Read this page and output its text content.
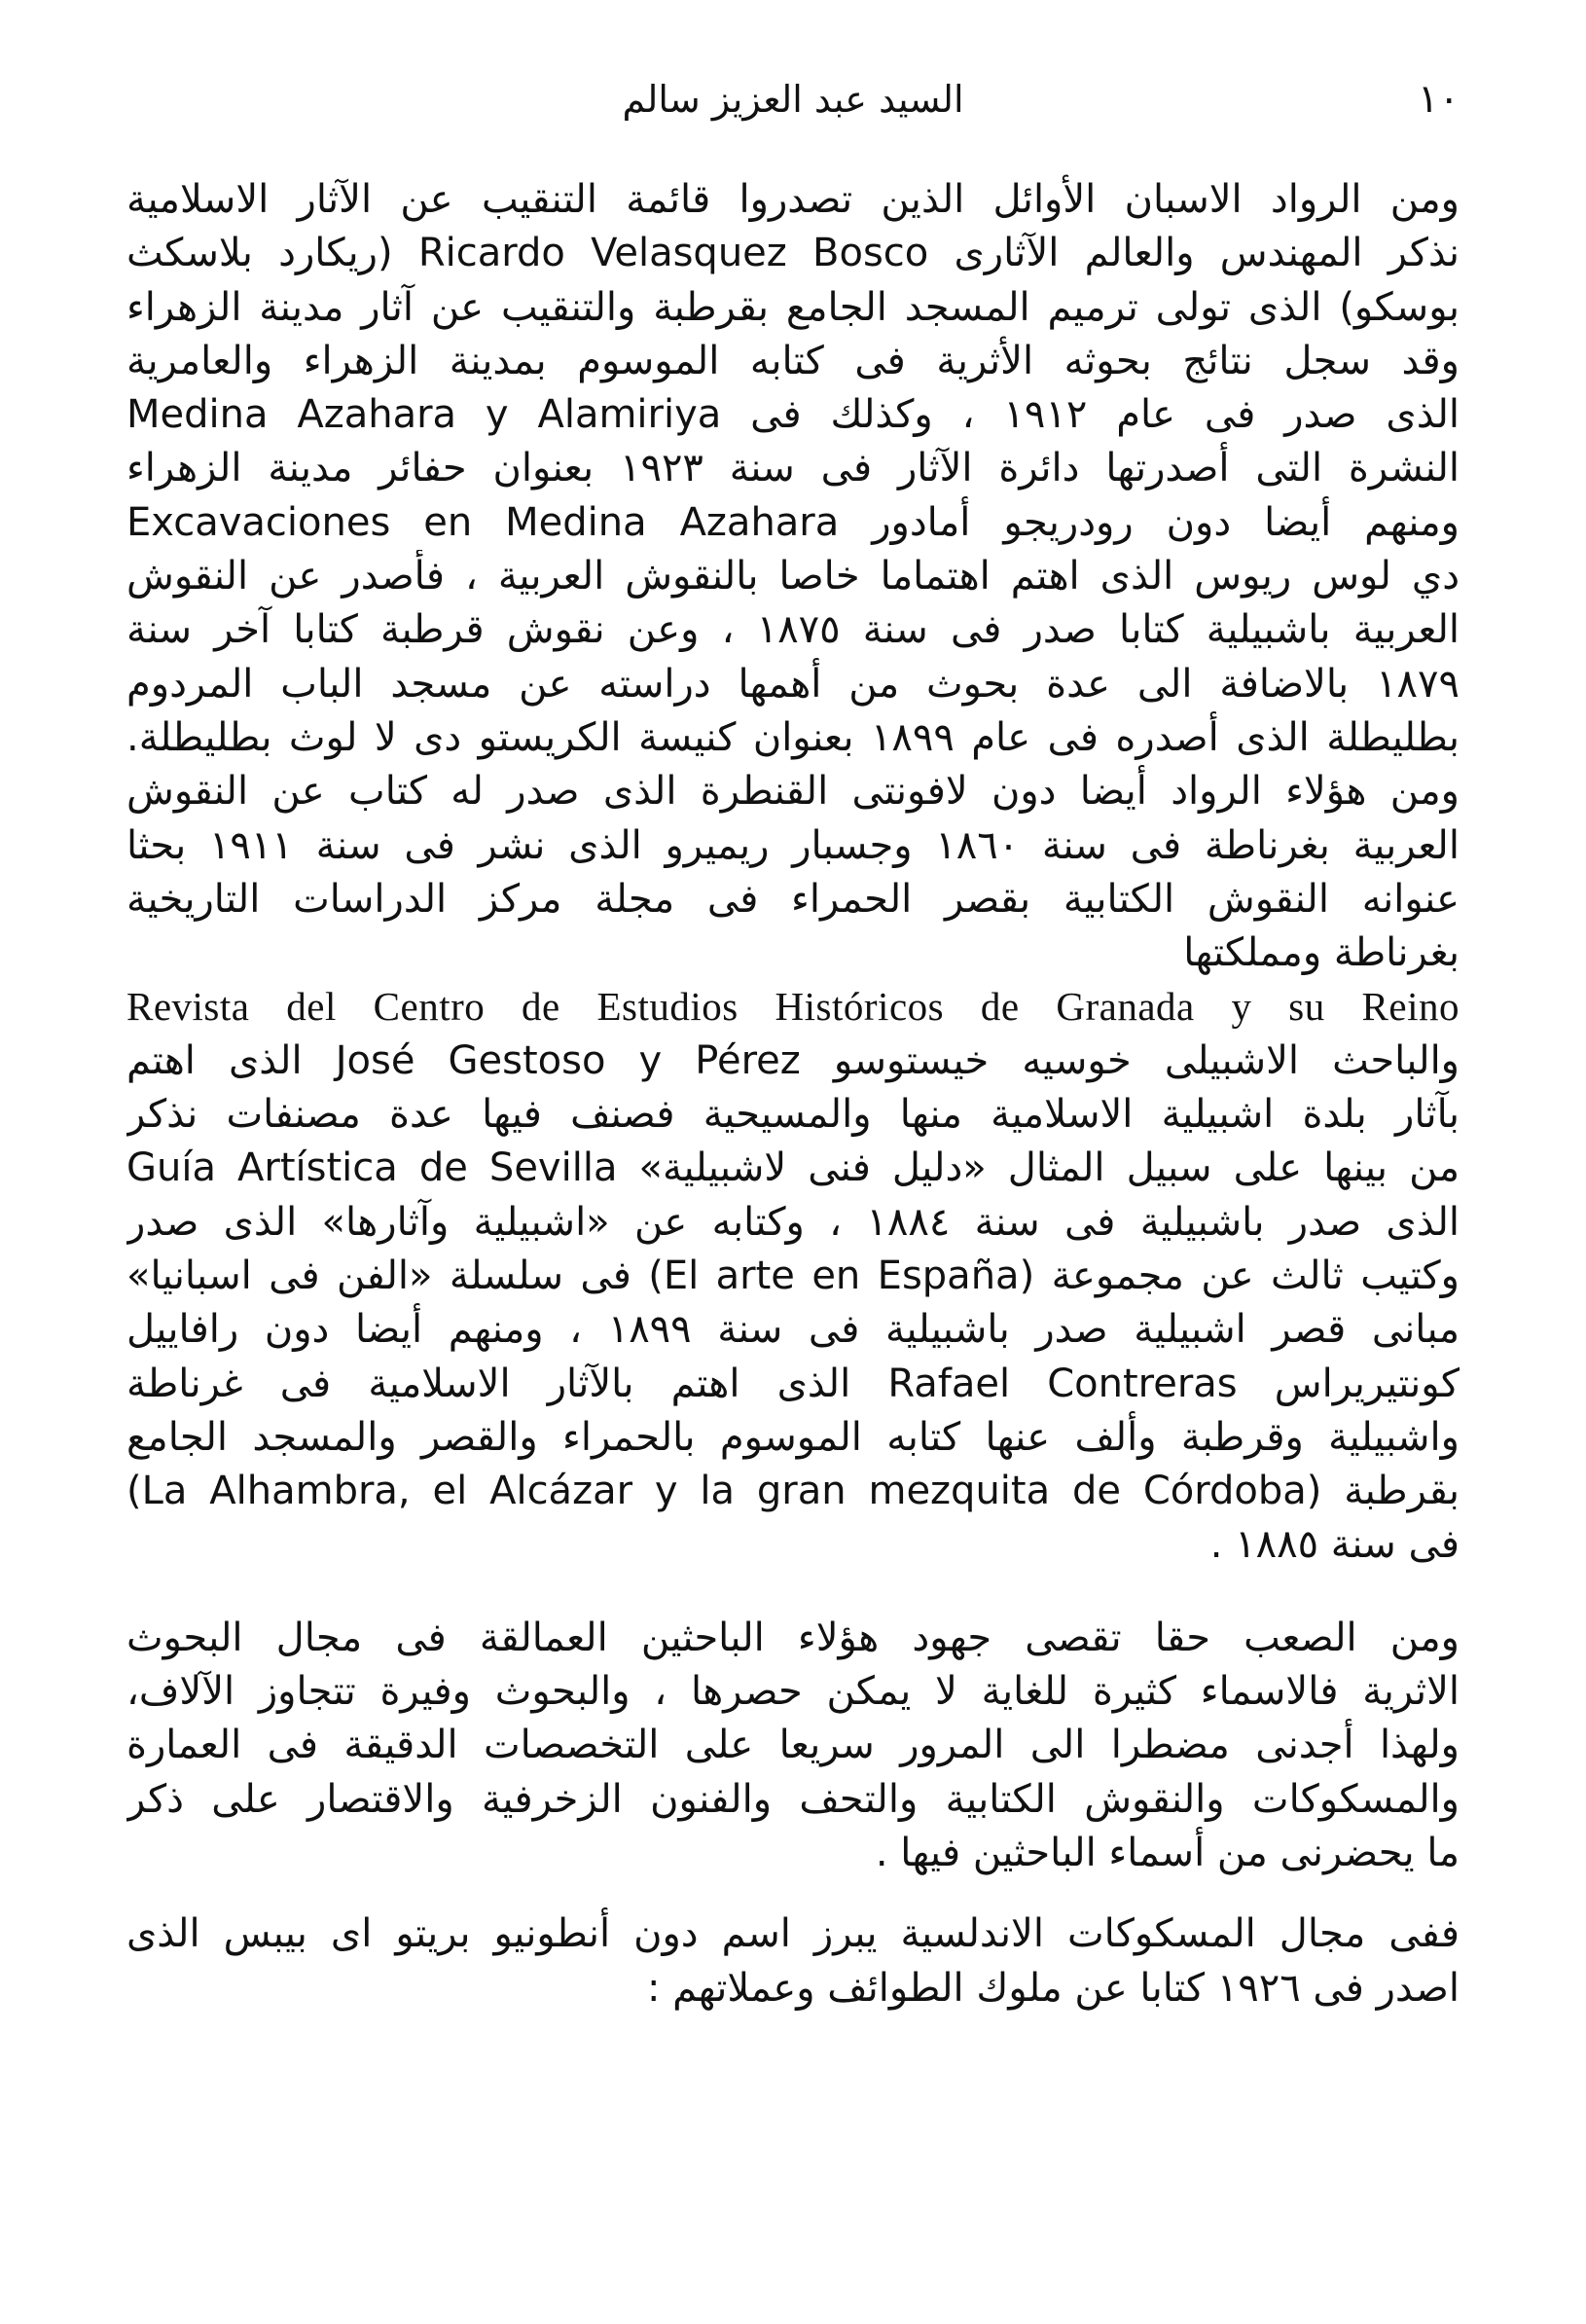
١٠
السيد عبد العزيز سالم
ومن الرواد الاسبان الأوائل الذين تصدروا قائمة التنقيب عن الآثار الاسلامية
نذكر المهندس والعالم الآثارى Ricardo Velasquez Bosco (ريكارد بلاسكث
بوسكو) الذى تولى ترميم المسجد الجامع بقرطبة والتنقيب عن آثار مدينة الزهراء
وقد سجل نتائج بحوثه الأثرية فى كتابه الموسوم بمدينة الزهراء والعامرية
Medina Azahara y Alamiriya الذى صدر فى عام ١٩١٢ ، وكذلك فى
النشرة التى أصدرتها دائرة الآثار فى سنة ١٩٢٣ بعنوان حفائر مدينة الزهراء
Excavaciones en Medina Azahara ومنهم أيضا دون رودريجو أمادور
دي لوس ريوس الذى اهتم اهتماما خاصا بالنقوش العربية ، فأصدر عن النقوش
العربية باشبيلية كتابا صدر فى سنة ١٨٧٥ ، وعن نقوش قرطبة كتابا آخر سنة
١٨٧٩ بالاضافة الى عدة بحوث من أهمها دراسته عن مسجد الباب المردوم
بطليطلة الذى أصدره فى عام ١٨٩٩ بعنوان كنيسة الكريستو دى لا لوث بطليطلة.
ومن هؤلاء الرواد أيضا دون لافونتى القنطرة الذى صدر له كتاب عن النقوش
العربية بغرناطة فى سنة ١٨٦٠ وجسبار ريميرو الذى نشر فى سنة ١٩١١ بحثا
عنوانه النقوش الكتابية بقصر الحمراء فى مجلة مركز الدراسات التاريخية
بغرناطة ومملكتها
Revista del Centro de Estudios Históricos de Granada y su Reino
والباحث الاشبيلى خوسيه خيستوسو José Gestoso y Pérez الذى اهتم
بآثار بلدة اشبيلية الاسلامية منها والمسيحية فصنف فيها عدة مصنفات نذكر
من بينها على سبيل المثال «دليل فنى لاشبيلية» Guía Artística de Sevilla
الذى صدر باشبيلية فى سنة ١٨٨٤ ، وكتابه عن «اشبيلية وآثارها» الذى صدر
وكتيب ثالث عن مجموعة (El arte en España) فى سلسلة «الفن فى اسبانيا»
مبانى قصر اشبيلية صدر باشبيلية فى سنة ١٨٩٩ ، ومنهم أيضا دون رافاييل
كونتيريراس Rafael Contreras الذى اهتم بالآثار الاسلامية فى غرناطة
واشبيلية وقرطبة وألف عنها كتابه الموسوم بالحمراء والقصر والمسجد الجامع
بقرطبة (La Alhambra, el Alcázar y la gran mezquita de Córdoba)
فى سنة ١٨٨٥ .
ومن الصعب حقا تقصى جهود هؤلاء الباحثين العمالقة فى مجال البحوث
الاثرية فالاسماء كثيرة للغاية لا يمكن حصرها ، والبحوث وفيرة تتجاوز الآلاف،
ولهذا أجدنى مضطرا الى المرور سريعا على التخصصات الدقيقة فى العمارة
والمسكوكات والنقوش الكتابية والتحف والفنون الزخرفية والاقتصار على ذكر
ما يحضرنى من أسماء الباحثين فيها .
ففى مجال المسكوكات الاندلسية يبرز اسم دون أنطونيو بريتو اى بيبس الذى
اصدر فى ١٩٢٦ كتابا عن ملوك الطوائف وعملاتهم :
